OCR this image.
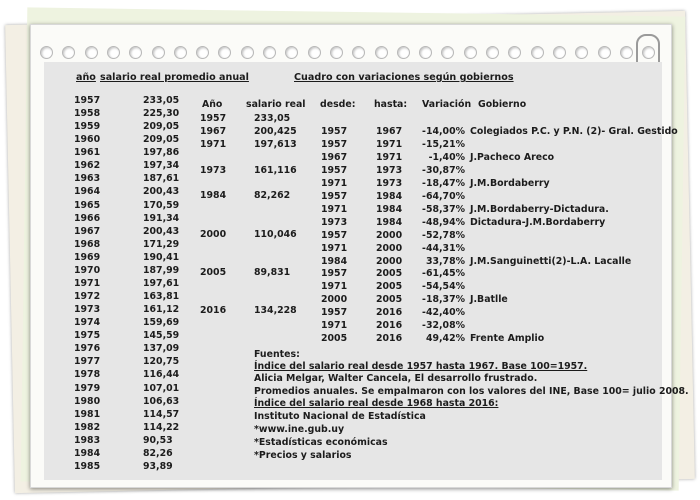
año salario real promedio anual	Cuadro con variaciones según gobiernos
1957	233,05
1958	225,30
1959	209,05
1960	209,05
1961	197,86
1962	197,34
1963	187,61
1964	200,43
1965	170,59
1966	191,34
1967	200,43
1968	171,29
1969	190,41
1970	187,99
1971	197,61
1972	163,81
1973	161,12
1974	159,69
1975	145,59
1976	137,09
1977	120,75
1978	116,44
1979	107,01
1980	106,63
1981	114,57
1982	114,22
1983	90,53
1984	82,26
1985	93,89
Año	salario real
1957	233,05
1967	200,425
1971	197,613
1973	161,116
1984	82,262
2000	110,046
2005	89,831
2016	134,228
desde: hasta: Variación Gobierno
1957	1967	-14,00% Colegiados P.C. y P.N. (2)- Gral. Gestido
1957	1971	-15,21%
1967	1971	-1,40% J.Pacheco Areco
1957	1973	-30,87%
1971	1973	-18,47% J.M.Bordaberry
1957	1984	-64,70%
1971	1984	-58,37% J.M.Bordaberry-Dictadura.
1973	1984	-48,94% Dictadura-J.M.Bordaberry
1957	2000	-52,78%
1971	2000	-44,31%
1984	2000	33,78% J.M.Sanguinetti(2)-L.A. Lacalle
1957	2005	-61,45%
1971	2005	-54,54%
2000	2005	-18,37% J.Batlle
1957	2016	-42,40%
1971	2016	-32,08%
2005	2016	49,42% Frente Amplio
Fuentes:
Índice del salario real desde 1957 hasta 1967. Base 100=1957.
Alicia Melgar, Walter Cancela, El desarrollo frustrado.
Promedios anuales. Se empalmaron con los valores del INE, Base 100= julio 2008.
Índice del salario real desde 1968 hasta 2016:
Instituto Nacional de Estadística
*www.ine.gub.uy
*Estadísticas económicas
*Precios y salarios
